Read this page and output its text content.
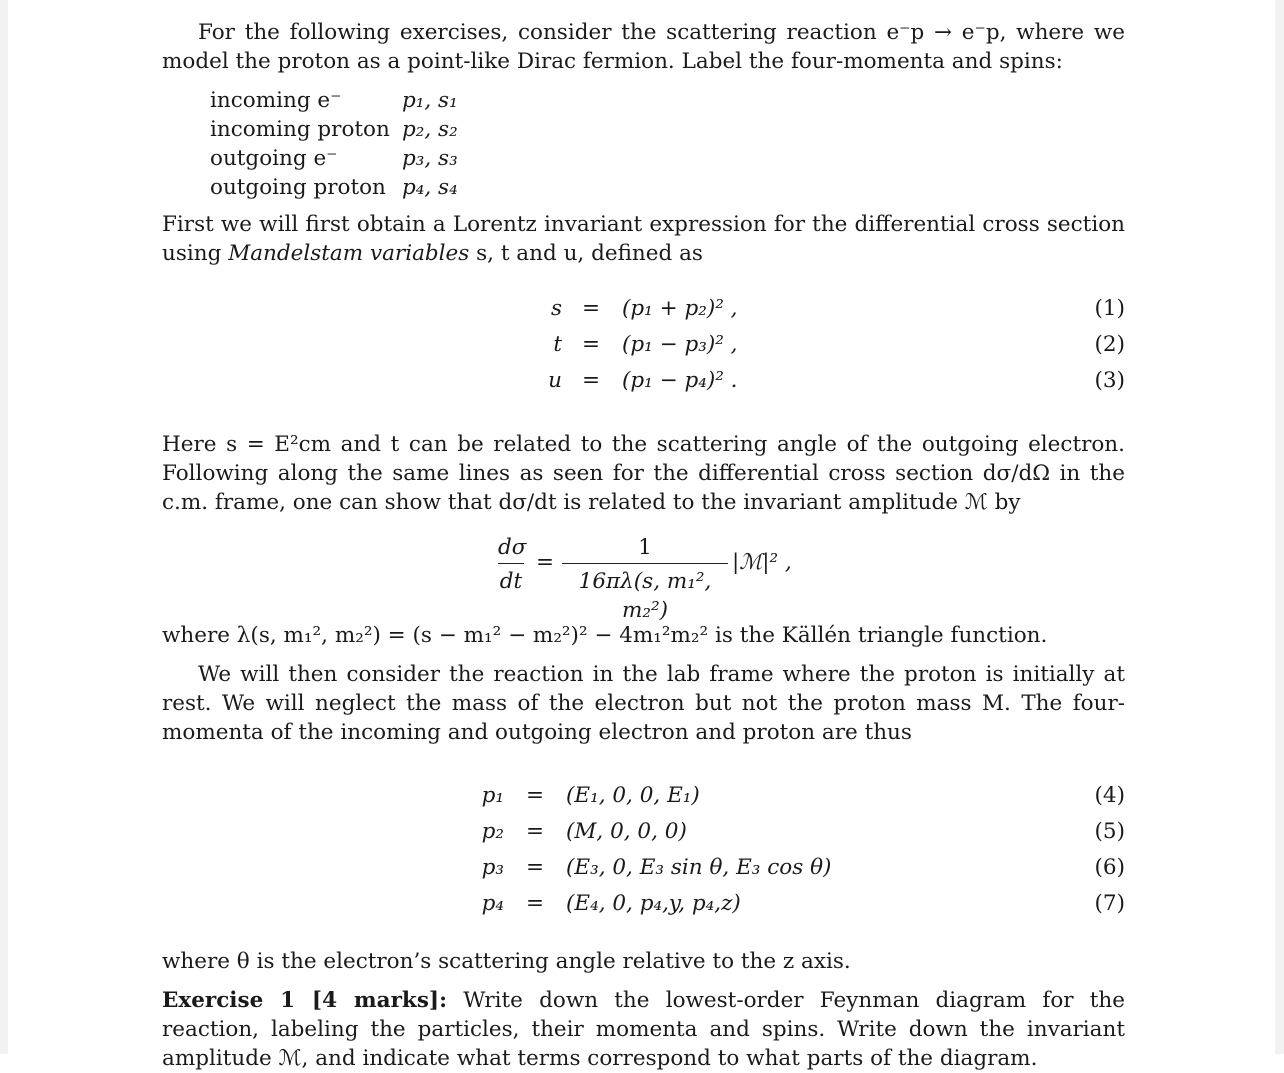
For the following exercises, consider the scattering reaction e⁻p → e⁻p, where we model the proton as a point-like Dirac fermion. Label the four-momenta and spins:

incoming e⁻	p₁, s₁
incoming proton	p₂, s₂
outgoing e⁻	p₃, s₃
outgoing proton	p₄, s₄

First we will first obtain a Lorentz invariant expression for the differential cross section using Mandelstam variables s, t and u, defined as

s = (p₁ + p₂)² ,	(1)
t = (p₁ − p₃)² ,	(2)
u = (p₁ − p₄)² .	(3)

Here s = E²cm and t can be related to the scattering angle of the outgoing electron. Following along the same lines as seen for the differential cross section dσ/dΩ in the c.m. frame, one can show that dσ/dt is related to the invariant amplitude ℳ by

dσ
dt
=
1
16πλ(s, m₁², m₂²)
|ℳ|² ,

where λ(s, m₁², m₂²) = (s − m₁² − m₂²)² − 4m₁²m₂² is the Källén triangle function.

We will then consider the reaction in the lab frame where the proton is initially at rest. We will neglect the mass of the electron but not the proton mass M. The four-momenta of the incoming and outgoing electron and proton are thus

p₁ = (E₁, 0, 0, E₁)	(4)
p₂ = (M, 0, 0, 0)	(5)
p₃ = (E₃, 0, E₃ sin θ, E₃ cos θ)	(6)
p₄ = (E₄, 0, p₄,y, p₄,z)	(7)

where θ is the electron’s scattering angle relative to the z axis.

Exercise 1 [4 marks]: Write down the lowest-order Feynman diagram for the reaction, labeling the particles, their momenta and spins. Write down the invariant amplitude ℳ, and indicate what terms correspond to what parts of the diagram.
